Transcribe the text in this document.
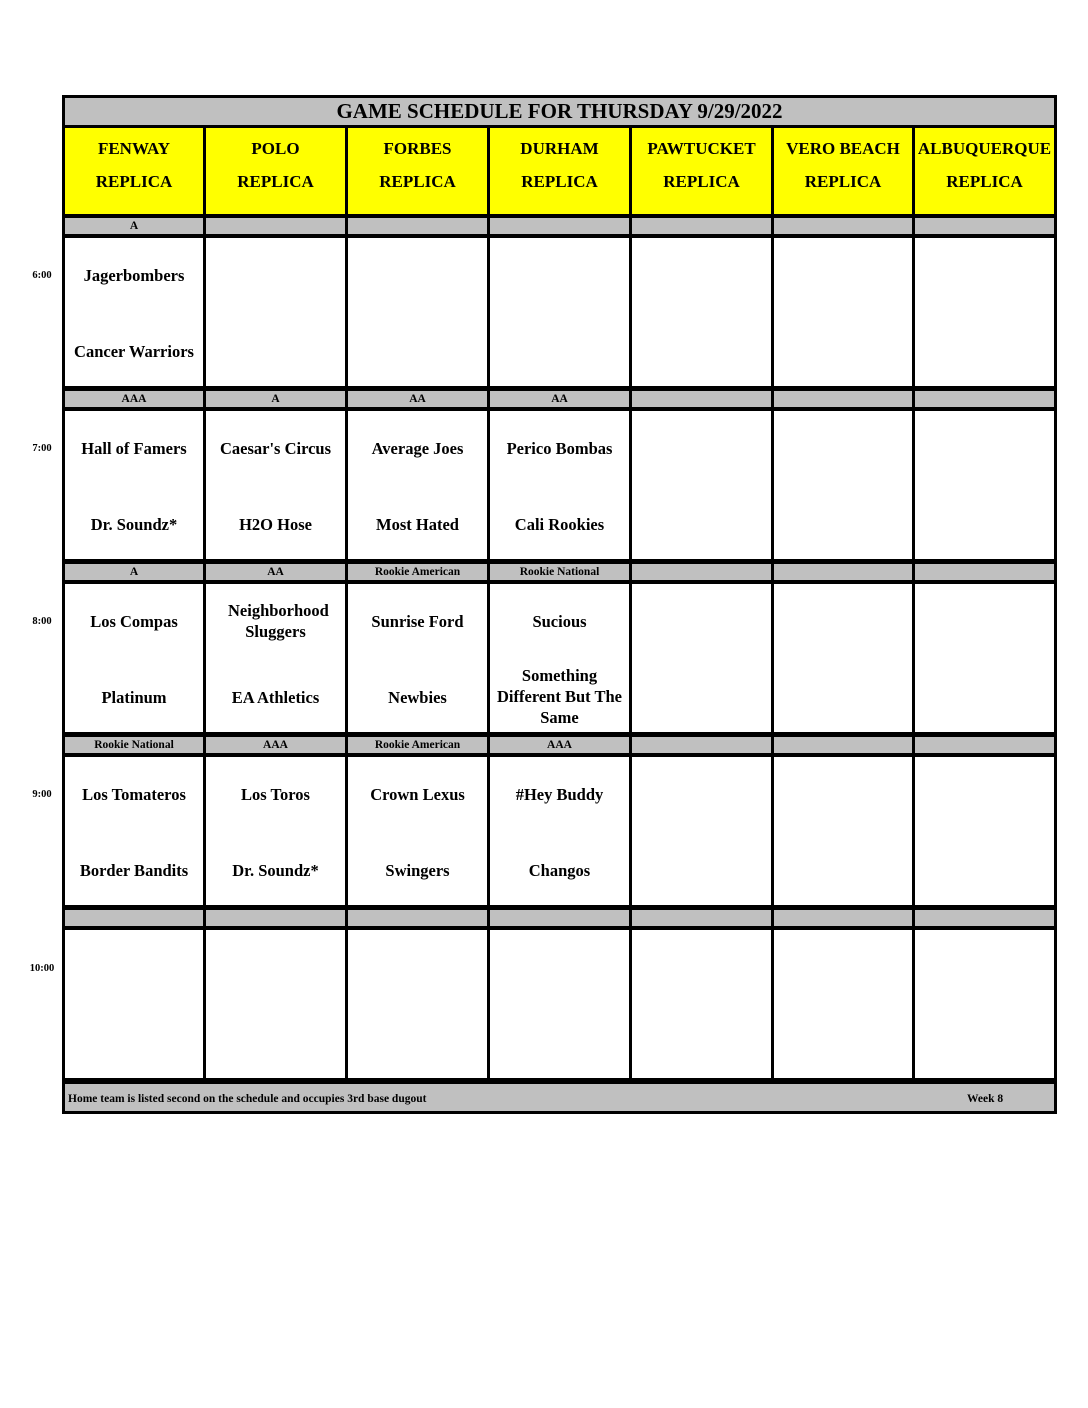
GAME SCHEDULE FOR THURSDAY 9/29/2022
Home team is listed second on the schedule and occupies 3rd base dugout	Week 8
FENWAY
REPLICA
POLO
REPLICA
FORBES
REPLICA
DURHAM
REPLICA
PAWTUCKET
REPLICA
VERO BEACH
REPLICA
ALBUQUERQUE
REPLICA
A
Jagerbombers
Cancer Warriors
AAA
Hall of Famers
Dr. Soundz*
A
Caesar's Circus
H2O Hose
AA
Average Joes
Most Hated
AA
Perico Bombas
Cali Rookies
A
Los Compas
Platinum
AA
Neighborhood Sluggers
EA Athletics
Rookie American
Sunrise Ford
Newbies
Rookie National
Sucious
Something Different But The Same
Rookie National
Los Tomateros
Border Bandits
AAA
Los Toros
Dr. Soundz*
Rookie American
Crown Lexus
Swingers
AAA
#Hey Buddy
Changos
6:00
7:00
8:00
9:00
10:00
